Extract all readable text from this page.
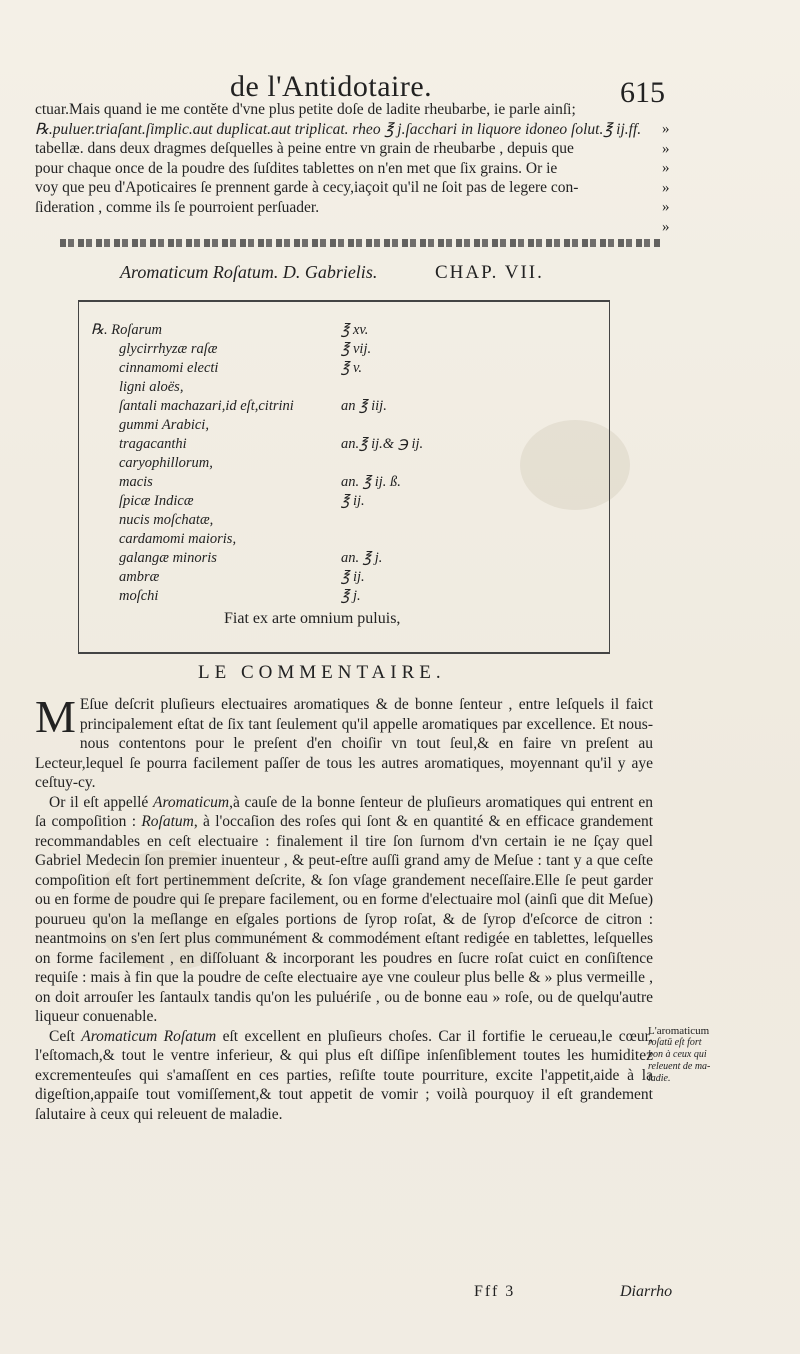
de l'Antidotaire.	615
ctuar.Mais quand ie me contĕte d'vne plus petite doſe de ladite rheubarbe, ie parle ainſi;
℞.puluer.triaſant.ſimplic.aut duplicat.aut triplicat. rheo ℥ j.ſacchari in liquore idoneo ſolut.℥ ij.ff.
tabellæ. dans deux dragmes deſquelles à peine entre vn grain de rheubarbe , depuis que
pour chaque once de la poudre des ſuſdites tablettes on n'en met que ſix grains. Or ie
voy que peu d'Apoticaires ſe prennent garde à cecy,iaçoit qu'il ne ſoit pas de legere con-
ſideration , comme ils ſe pourroient perſuader.
»
»
»
»
»
»
Aromaticum Roſatum. D. Gabrielis.	CHAP. VII.
℞. Roſarum	℥ xv.
glycirrhyzæ raſæ	℥ vij.
cinnamomi electi	℥ v.
ligni aloës,
ſantali machazari,id eſt,citrini	an ℥ iij.
gummi Arabici,
tragacanthi	an.℥ ij.& ℈ ij.
caryophillorum,
macis	an. ℥ ij. ß.
ſpicæ Indicæ	℥ ij.
nucis moſchatæ,
cardamomi maioris,
galangæ minoris	an. ℥ j.
ambræ	℥ ij.
moſchi	℥ j.
Fiat ex arte omnium puluis,
LE COMMENTAIRE.

M Eſue deſcrit pluſieurs electuaires aromatiques & de bonne ſenteur , entre leſquels il faict principalement eſtat de ſix tant ſeulement qu'il appelle aromatiques par excellence. Et nous-nous contentons pour le preſent d'en choiſir vn tout ſeul,& en faire vn preſent au Lecteur,lequel ſe pourra facilement paſſer de tous les autres aromatiques, moyennant qu'il y aye ceſtuy-cy.

Or il eſt appellé Aromaticum,à cauſe de la bonne ſenteur de pluſieurs aromatiques qui entrent en ſa compoſition : Roſatum, à l'occaſion des roſes qui ſont & en quantité & en efficace grandement recommandables en ceſt electuaire : finalement il tire ſon ſurnom d'vn certain ie ne ſçay quel Gabriel Medecin ſon premier inuenteur , & peut-eſtre auſſi grand amy de Meſue : tant y a que ceſte compoſition eſt fort pertinemment deſcrite, & ſon vſage grandement neceſſaire.Elle ſe peut garder ou en forme de poudre qui ſe prepare facilement, ou en forme d'electuaire mol (ainſi que dit Meſue) pourueu qu'on la meſlange en eſgales portions de ſyrop roſat, & de ſyrop d'eſcorce de citron : neantmoins on s'en ſert plus communément & commodément eſtant redigée en tablettes, leſquelles on forme facilement , en diſſoluant & incorporant les poudres en ſucre roſat cuict en conſiſtence requiſe : mais à fin que la poudre de ceſte electuaire aye vne couleur plus belle & » plus vermeille , on doit arrouſer les ſantaulx tandis qu'on les puluériſe , ou de bonne eau » roſe, ou de quelqu'autre liqueur conuenable.

Ceſt Aromaticum Roſatum eſt excellent en pluſieurs choſes. Car il fortifie le cerueau,le cœur, l'eſtomach,& tout le ventre inferieur, & qui plus eſt diſſipe inſenſiblement toutes les humiditez excrementeuſes qui s'amaſſent en ces parties, reſiſte toute pourriture, excite l'appetit,aide à la digeſtion,appaiſe tout vomiſſement,& tout appetit de vomir ; voilà pourquoy il eſt grandement ſalutaire à ceux qui releuent de maladie.

L'aromaticum
roſatū eſt fort
bon à ceux qui
releuent de ma-
ladie.
Fff 3	Diarrho
